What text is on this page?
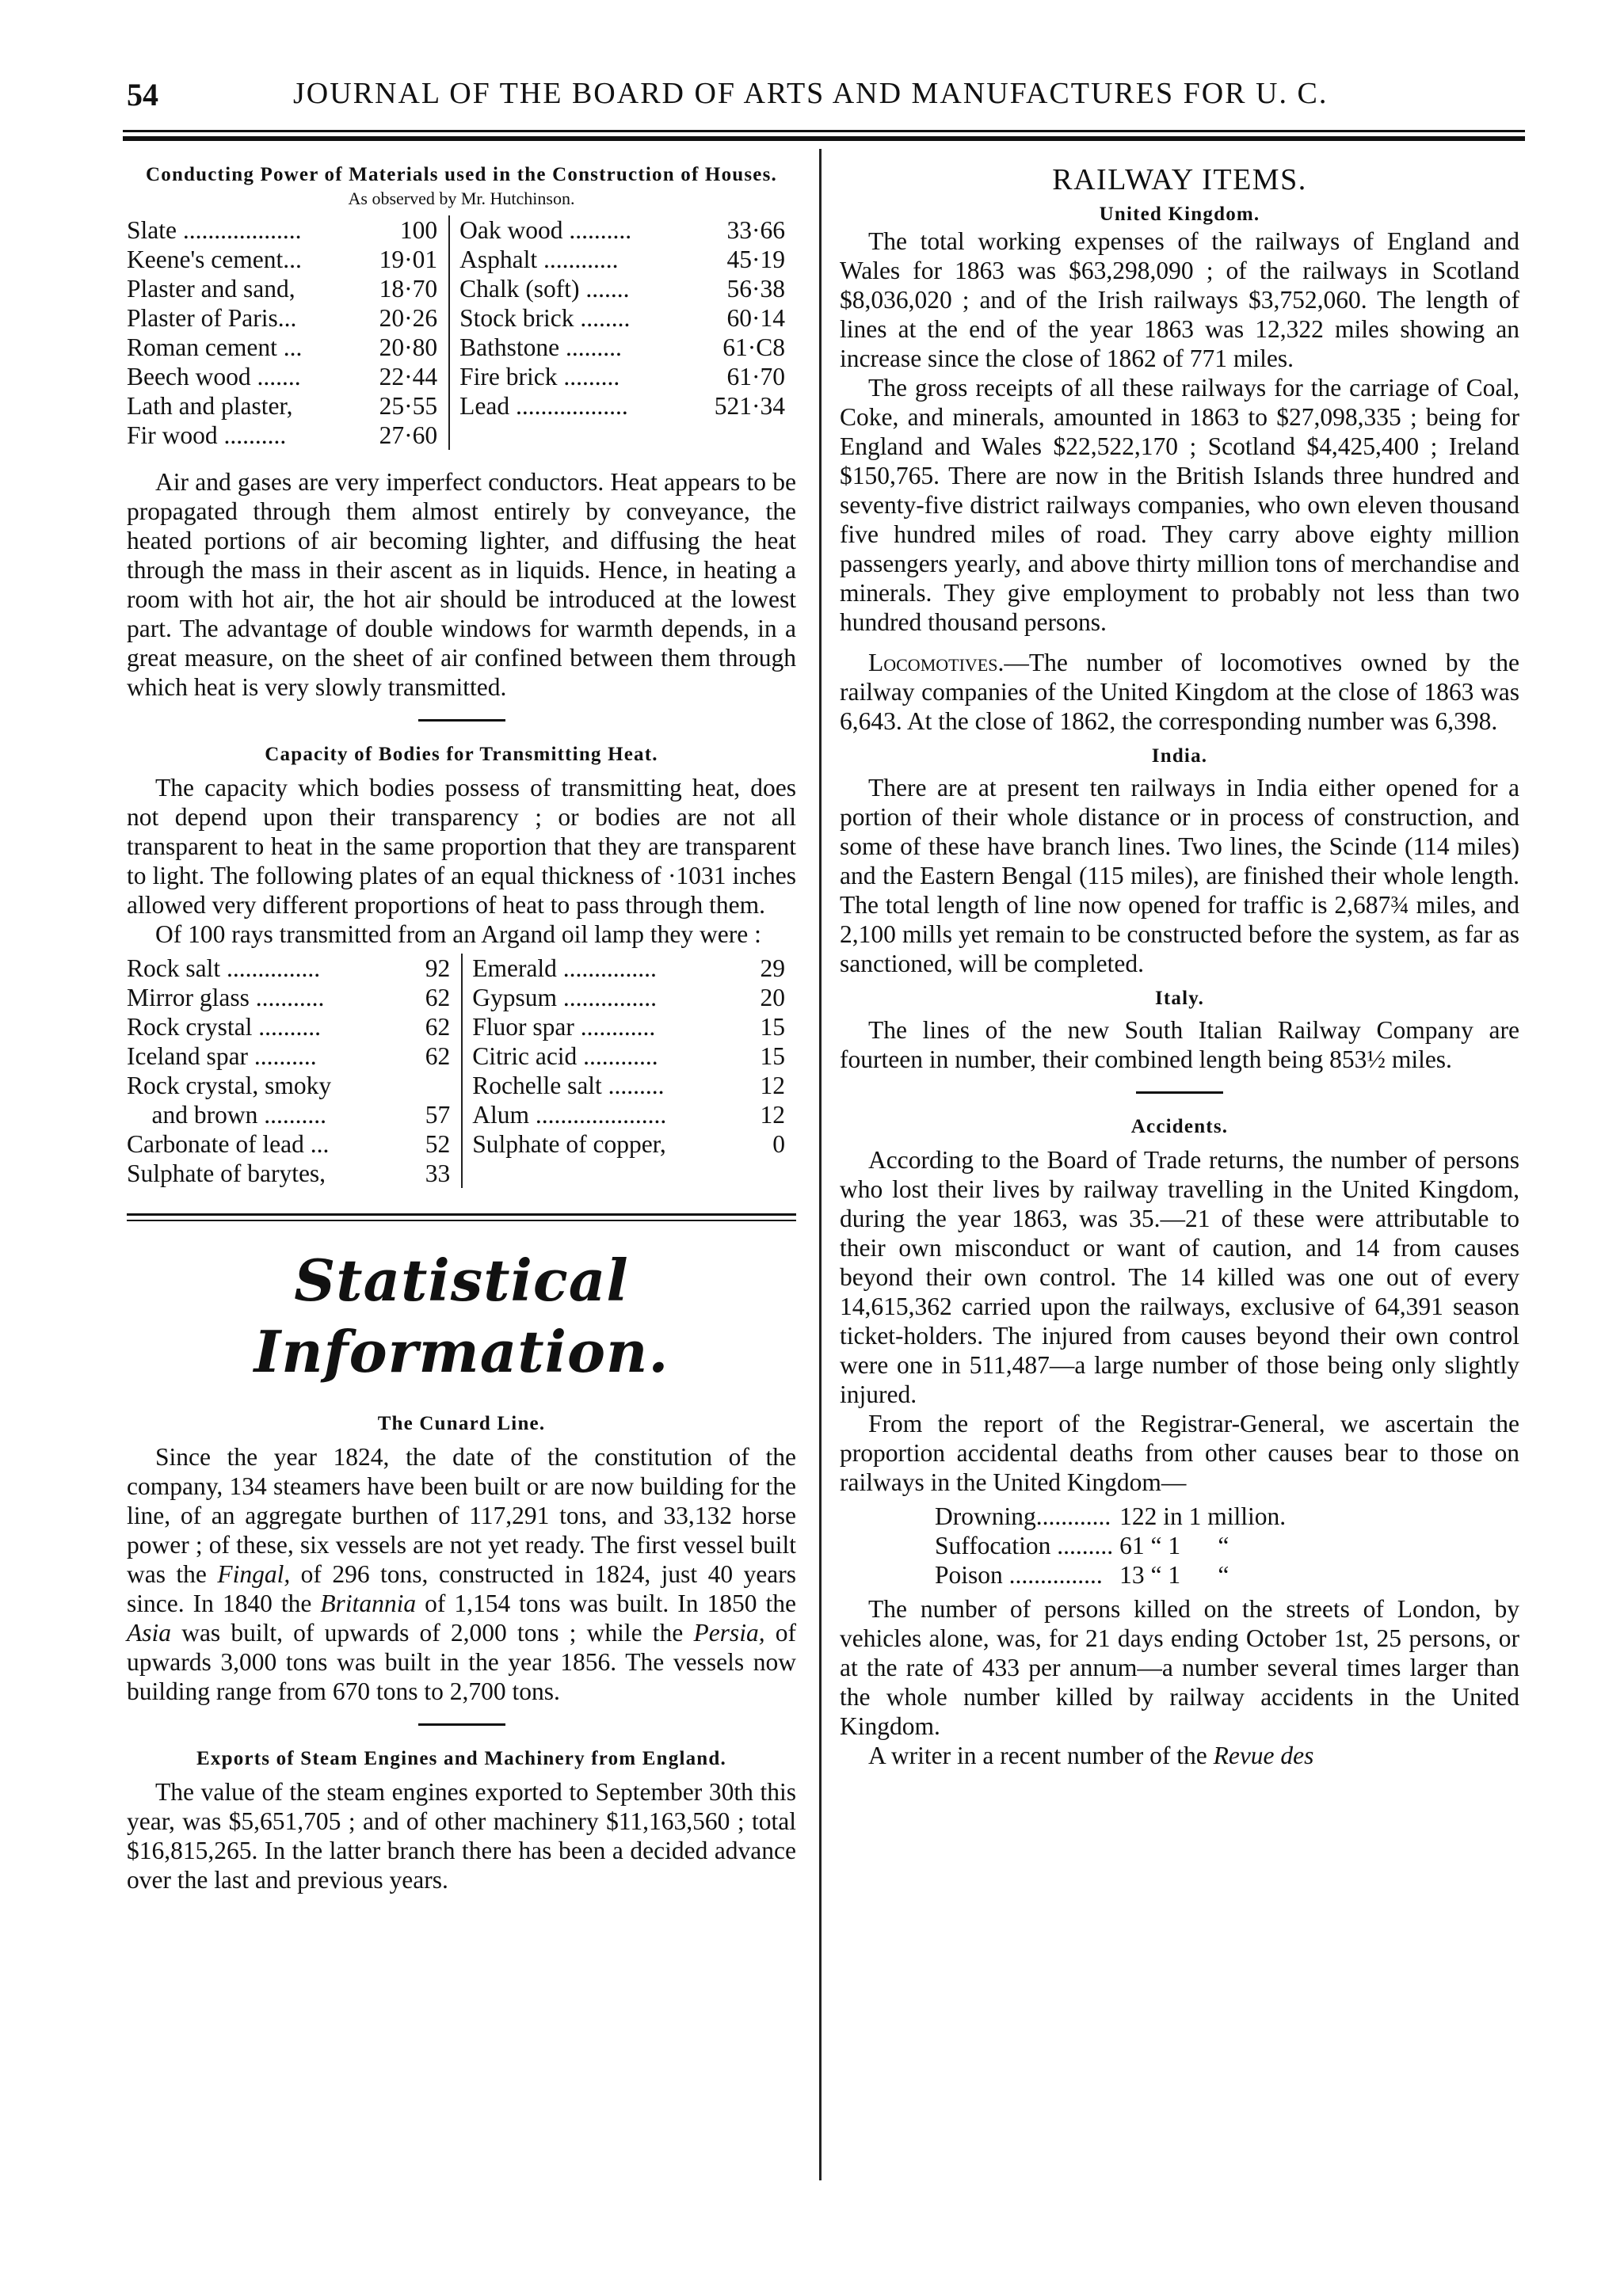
54	JOURNAL OF THE BOARD OF ARTS AND MANUFACTURES FOR U. C.

Conducting Power of Materials used in the Construction of Houses.

As observed by Mr. Hutchinson.

Slate ...................	100	Oak wood ..........	33·66
Keene's cement...	19·01	Asphalt ............	45·19
Plaster and sand,	18·70	Chalk (soft) .......	56·38
Plaster of Paris...	20·26	Stock brick ........	60·14
Roman cement ...	20·80	Bathstone .........	61·C8
Beech wood .......	22·44	Fire brick .........	61·70
Lath and plaster,	25·55	Lead ..................	521·34
Fir wood ..........	27·60		

Air and gases are very imperfect conductors. Heat appears to be propagated through them almost entirely by conveyance, the heated portions of air becoming lighter, and diffusing the heat through the mass in their ascent as in liquids. Hence, in heating a room with hot air, the hot air should be introduced at the lowest part. The advantage of double windows for warmth depends, in a great measure, on the sheet of air confined between them through which heat is very slowly transmitted.

Capacity of Bodies for Transmitting Heat.

The capacity which bodies possess of transmitting heat, does not depend upon their transparency ; or bodies are not all transparent to heat in the same proportion that they are transparent to light. The following plates of an equal thickness of ·1031 inches allowed very different proportions of heat to pass through them.

Of 100 rays transmitted from an Argand oil lamp they were :

Rock salt ...............	92	Emerald ...............	29
Mirror glass ...........	62	Gypsum ...............	20
Rock crystal ..........	62	Fluor spar ............	15
Iceland spar ..........	62	Citric acid ............	15
Rock crystal, smoky		Rochelle salt .........	12
and brown ..........	57	Alum .....................	12
Carbonate of lead ...	52	Sulphate of copper,	0
Sulphate of barytes,	33		

Statistical Information.

The Cunard Line.

Since the year 1824, the date of the constitution of the company, 134 steamers have been built or are now building for the line, of an aggregate burthen of 117,291 tons, and 33,132 horse power ; of these, six vessels are not yet ready. The first vessel built was the Fingal, of 296 tons, constructed in 1824, just 40 years since. In 1840 the Britannia of 1,154 tons was built. In 1850 the Asia was built, of upwards of 2,000 tons ; while the Persia, of upwards 3,000 tons was built in the year 1856. The vessels now building range from 670 tons to 2,700 tons.

Exports of Steam Engines and Machinery from England.

The value of the steam engines exported to September 30th this year, was $5,651,705 ; and of other machinery $11,163,560 ; total $16,815,265. In the latter branch there has been a decided advance over the last and previous years.

RAILWAY ITEMS.

United Kingdom.

The total working expenses of the railways of England and Wales for 1863 was $63,298,090 ; of the railways in Scotland $8,036,020 ; and of the Irish railways $3,752,060. The length of lines at the end of the year 1863 was 12,322 miles showing an increase since the close of 1862 of 771 miles.

The gross receipts of all these railways for the carriage of Coal, Coke, and minerals, amounted in 1863 to $27,098,335 ; being for England and Wales $22,522,170 ; Scotland $4,425,400 ; Ireland $150,765. There are now in the British Islands three hundred and seventy-five district railways companies, who own eleven thousand five hundred miles of road. They carry above eighty million passengers yearly, and above thirty million tons of merchandise and minerals. They give employment to probably not less than two hundred thousand persons.

Locomotives.—The number of locomotives owned by the railway companies of the United Kingdom at the close of 1863 was 6,643. At the close of 1862, the corresponding number was 6,398.

India.

There are at present ten railways in India either opened for a portion of their whole distance or in process of construction, and some of these have branch lines. Two lines, the Scinde (114 miles) and the Eastern Bengal (115 miles), are finished their whole length. The total length of line now opened for traffic is 2,687¾ miles, and 2,100 mills yet remain to be constructed before the system, as far as sanctioned, will be completed.

Italy.

The lines of the new South Italian Railway Company are fourteen in number, their combined length being 853½ miles.

Accidents.

According to the Board of Trade returns, the number of persons who lost their lives by railway travelling in the United Kingdom, during the year 1863, was 35.—21 of these were attributable to their own misconduct or want of caution, and 14 from causes beyond their own control. The 14 killed was one out of every 14,615,362 carried upon the railways, exclusive of 64,391 season ticket-holders. The injured from causes beyond their own control were one in 511,487—a large number of those being only slightly injured.

From the report of the Registrar-General, we ascertain the proportion accidental deaths from other causes bear to those on railways in the United Kingdom—

Drowning............	122 in 1 million.
Suffocation .........	61 “ 1      “
Poison ...............	13 “ 1      “

The number of persons killed on the streets of London, by vehicles alone, was, for 21 days ending October 1st, 25 persons, or at the rate of 433 per annum—a number several times larger than the whole number killed by railway accidents in the United Kingdom.

A writer in a recent number of the Revue des
